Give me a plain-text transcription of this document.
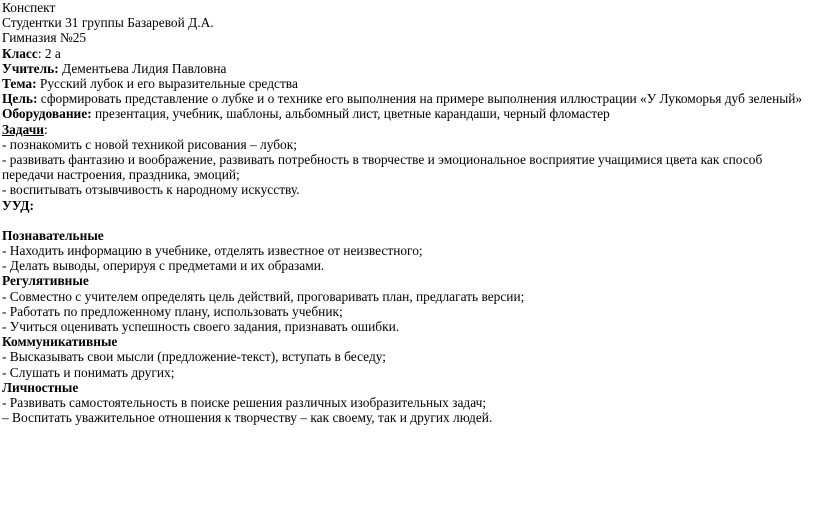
Конспект
Студентки 31 группы Базаревой Д.А.
Гимназия №25
Класс: 2 а
Учитель: Дементьева Лидия Павловна
Тема: Русский лубок и его выразительные средства
Цель: сформировать представление о лубке и о технике его выполнения на примере выполнения иллюстрации «У Лукоморья дуб зеленый»
Оборудование: презентация, учебник, шаблоны, альбомный лист, цветные карандаши, черный фломастер
Задачи:
- познакомить с новой техникой рисования – лубок;
- развивать фантазию и воображение, развивать потребность в творчестве и эмоциональное восприятие учащимися цвета как способ
передачи настроения, праздника, эмоций;
- воспитывать отзывчивость к народному искусству.
УУД:
Познавательные
- Находить информацию в учебнике, отделять известное от неизвестного;
- Делать выводы, оперируя с предметами и их образами.
Регулятивные
- Совместно с учителем определять цель действий, проговаривать план, предлагать версии;
- Работать по предложенному плану, использовать учебник;
- Учиться оценивать успешность своего задания, признавать ошибки.
Коммуникативные
- Высказывать свои мысли (предложение-текст), вступать в беседу;
- Слушать и понимать других;
Личностные
- Развивать самостоятельность в поиске решения различных изобразительных задач;
– Воспитать уважительное отношения к творчеству – как своему, так и других людей.
